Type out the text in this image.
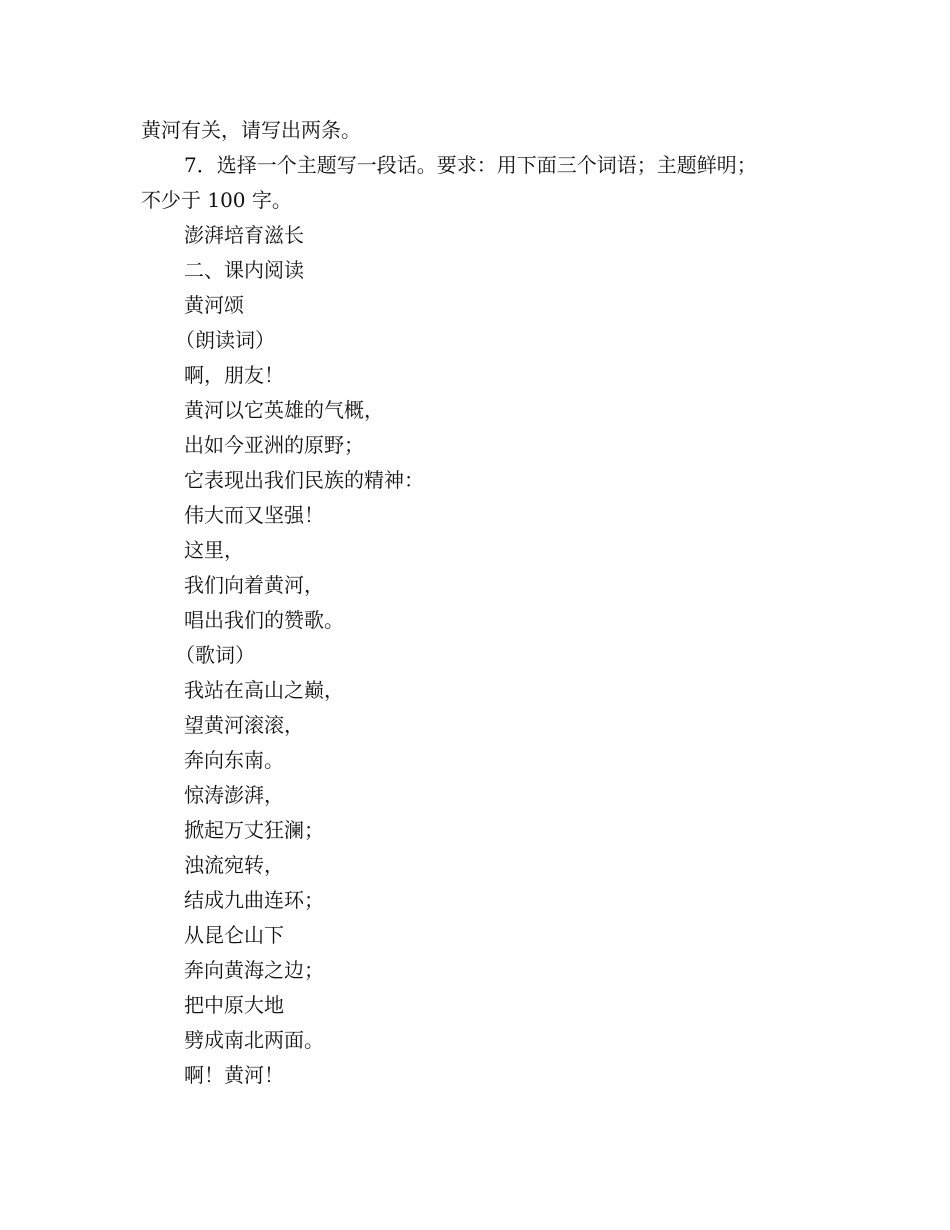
黄河有关，请写出两条。

7．选择一个主题写一段话。要求：用下面三个词语；主题鲜明；

不少于 100 字。

澎湃培育滋长

二、课内阅读

黄河颂

（朗读词）

啊，朋友！

黄河以它英雄的气概，

出如今亚洲的原野；

它表现出我们民族的精神：

伟大而又坚强！

这里，

我们向着黄河，

唱出我们的赞歌。

（歌词）

我站在高山之巅，

望黄河滚滚，

奔向东南。

惊涛澎湃，

掀起万丈狂澜；

浊流宛转，

结成九曲连环；

从昆仑山下

奔向黄海之边；

把中原大地

劈成南北两面。

啊！黄河！
